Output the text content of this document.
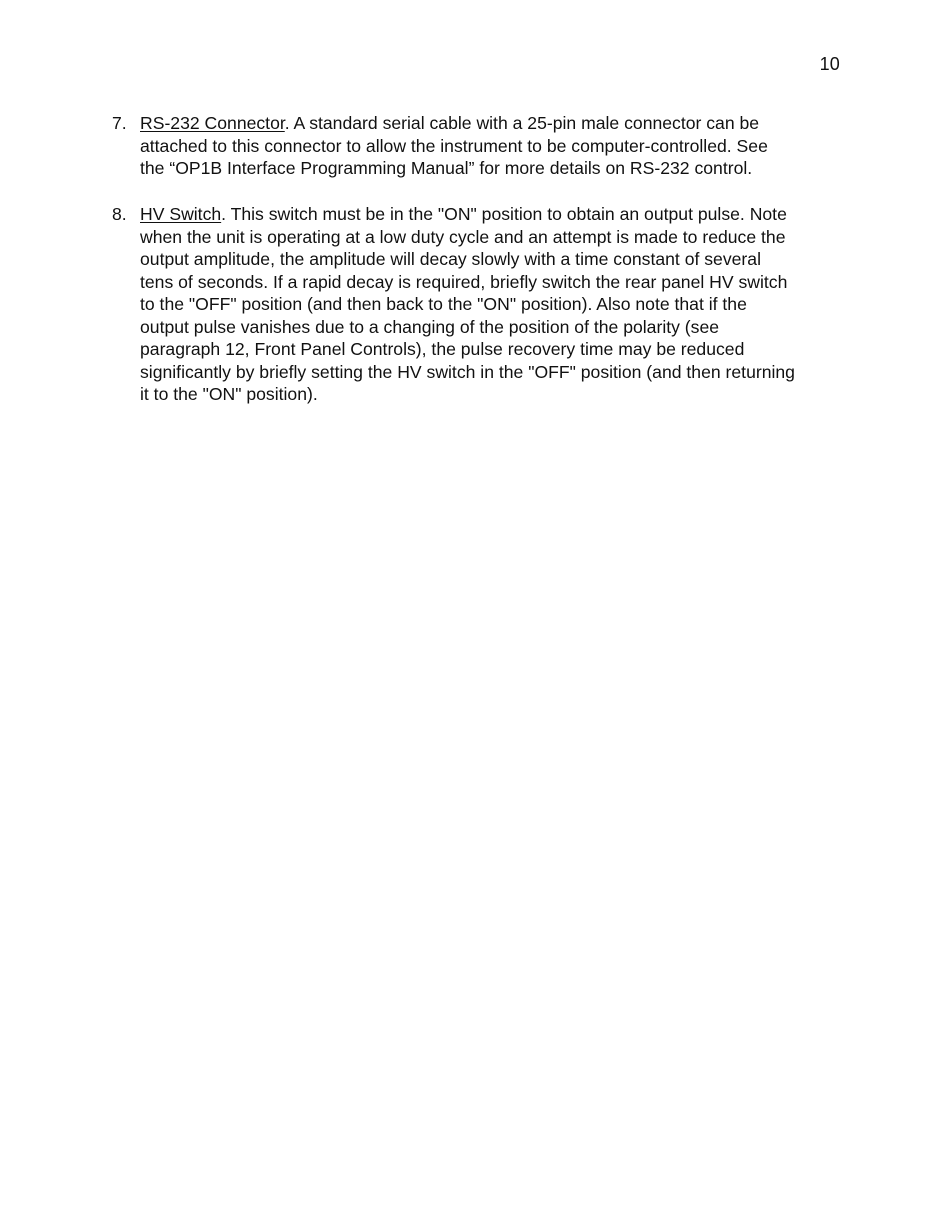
10
7. RS-232 Connector. A standard serial cable with a 25-pin male connector can be
attached to this connector to allow the instrument to be computer-controlled. See
the “OP1B Interface Programming Manual” for more details on RS-232 control.
8. HV Switch. This switch must be in the "ON" position to obtain an output pulse. Note
when the unit is operating at a low duty cycle and an attempt is made to reduce the
output amplitude, the amplitude will decay slowly with a time constant of several
tens of seconds. If a rapid decay is required, briefly switch the rear panel HV switch
to the "OFF" position (and then back to the "ON" position). Also note that if the
output pulse vanishes due to a changing of the position of the polarity (see
paragraph 12, Front Panel Controls), the pulse recovery time may be reduced
significantly by briefly setting the HV switch in the "OFF" position (and then returning
it to the "ON" position).
